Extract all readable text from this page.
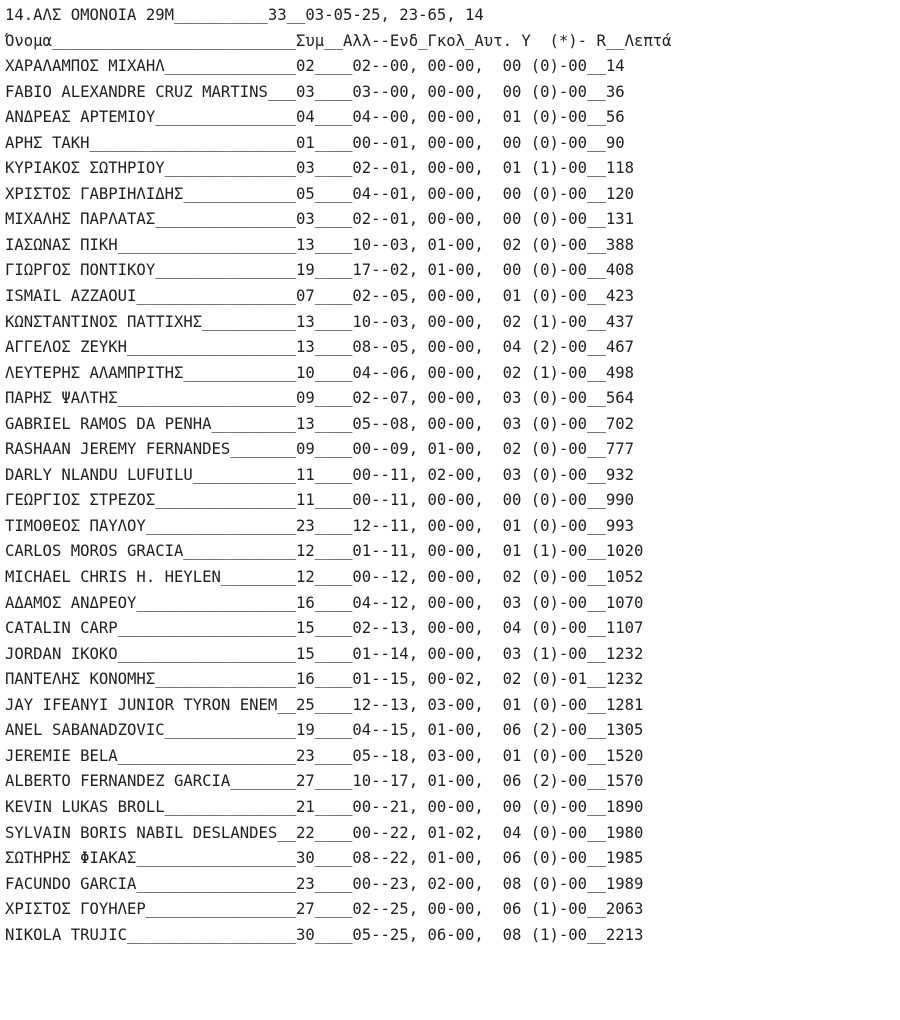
14.ΑΛΣ ΟΜΟΝΟΙΑ 29Μ__________33__03-05-25, 23-65, 14
Όνομα__________________________Συμ__Αλλ--Ενδ_Γκολ_Αυτ. Υ  (*)- R__Λεπτά
ΧΑΡΑΛΑΜΠΟΣ ΜΙΧΑΗΛ______________02____02--00, 00-00,  00 (0)-00__14
FABIO ALEXANDRE CRUZ MARTINS___03____03--00, 00-00,  00 (0)-00__36
ΑΝΔΡΕΑΣ ΑΡΤΕΜΙΟΥ_______________04____04--00, 00-00,  01 (0)-00__56
ΑΡΗΣ ΤΑΚΗ______________________01____00--01, 00-00,  00 (0)-00__90
ΚΥΡΙΑΚΟΣ ΣΩΤΗΡΙΟΥ______________03____02--01, 00-00,  01 (1)-00__118
ΧΡΙΣΤΟΣ ΓΑΒΡΙΗΛΙΔΗΣ____________05____04--01, 00-00,  00 (0)-00__120
ΜΙΧΑΛΗΣ ΠΑΡΛΑΤΑΣ_______________03____02--01, 00-00,  00 (0)-00__131
ΙΑΣΩΝΑΣ ΠΙΚΗ___________________13____10--03, 01-00,  02 (0)-00__388
ΓΙΩΡΓΟΣ ΠΟΝΤΙΚΟΥ_______________19____17--02, 01-00,  00 (0)-00__408
ISMAIL AZZAOUI_________________07____02--05, 00-00,  01 (0)-00__423
ΚΩΝΣΤΑΝΤΙΝΟΣ ΠΑΤΤΙΧΗΣ__________13____10--03, 00-00,  02 (1)-00__437
ΑΓΓΕΛΟΣ ΖΕΥΚΗ__________________13____08--05, 00-00,  04 (2)-00__467
ΛΕΥΤΕΡΗΣ ΑΛΑΜΠΡΙΤΗΣ____________10____04--06, 00-00,  02 (1)-00__498
ΠΑΡΗΣ ΨΑΛΤΗΣ___________________09____02--07, 00-00,  03 (0)-00__564
GABRIEL RAMOS DA PENHA_________13____05--08, 00-00,  03 (0)-00__702
RASHAAN JEREMY FERNANDES_______09____00--09, 01-00,  02 (0)-00__777
DARLY NLANDU LUFUILU___________11____00--11, 02-00,  03 (0)-00__932
ΓΕΩΡΓΙΟΣ ΣΤΡΕΖΟΣ_______________11____00--11, 00-00,  00 (0)-00__990
ΤΙΜΟΘΕΟΣ ΠΑΥΛΟΥ________________23____12--11, 00-00,  01 (0)-00__993
CARLOS MOROS GRACIA____________12____01--11, 00-00,  01 (1)-00__1020
MICHAEL CHRIS H. HEYLEN________12____00--12, 00-00,  02 (0)-00__1052
ΑΔΑΜΟΣ ΑΝΔΡΕΟΥ_________________16____04--12, 00-00,  03 (0)-00__1070
CATALIN CARP___________________15____02--13, 00-00,  04 (0)-00__1107
JORDAN IKOKO___________________15____01--14, 00-00,  03 (1)-00__1232
ΠΑΝΤΕΛΗΣ ΚΟΝΟΜΗΣ_______________16____01--15, 00-02,  02 (0)-01__1232
JAY IFEANYI JUNIOR TYRON ENEM__25____12--13, 03-00,  01 (0)-00__1281
ANEL SABANADZOVIC______________19____04--15, 01-00,  06 (2)-00__1305
JEREMIE BELA___________________23____05--18, 03-00,  01 (0)-00__1520
ALBERTO FERNANDEZ GARCIA_______27____10--17, 01-00,  06 (2)-00__1570
KEVIN LUKAS BROLL______________21____00--21, 00-00,  00 (0)-00__1890
SYLVAIN BORIS NABIL DESLANDES__22____00--22, 01-02,  04 (0)-00__1980
ΣΩΤΗΡΗΣ ΦΙΑΚΑΣ_________________30____08--22, 01-00,  06 (0)-00__1985
FACUNDO GARCIA_________________23____00--23, 02-00,  08 (0)-00__1989
ΧΡΙΣΤΟΣ ΓΟΥΗΛΕΡ________________27____02--25, 00-00,  06 (1)-00__2063
NIKOLA TRUJIC__________________30____05--25, 06-00,  08 (1)-00__2213
